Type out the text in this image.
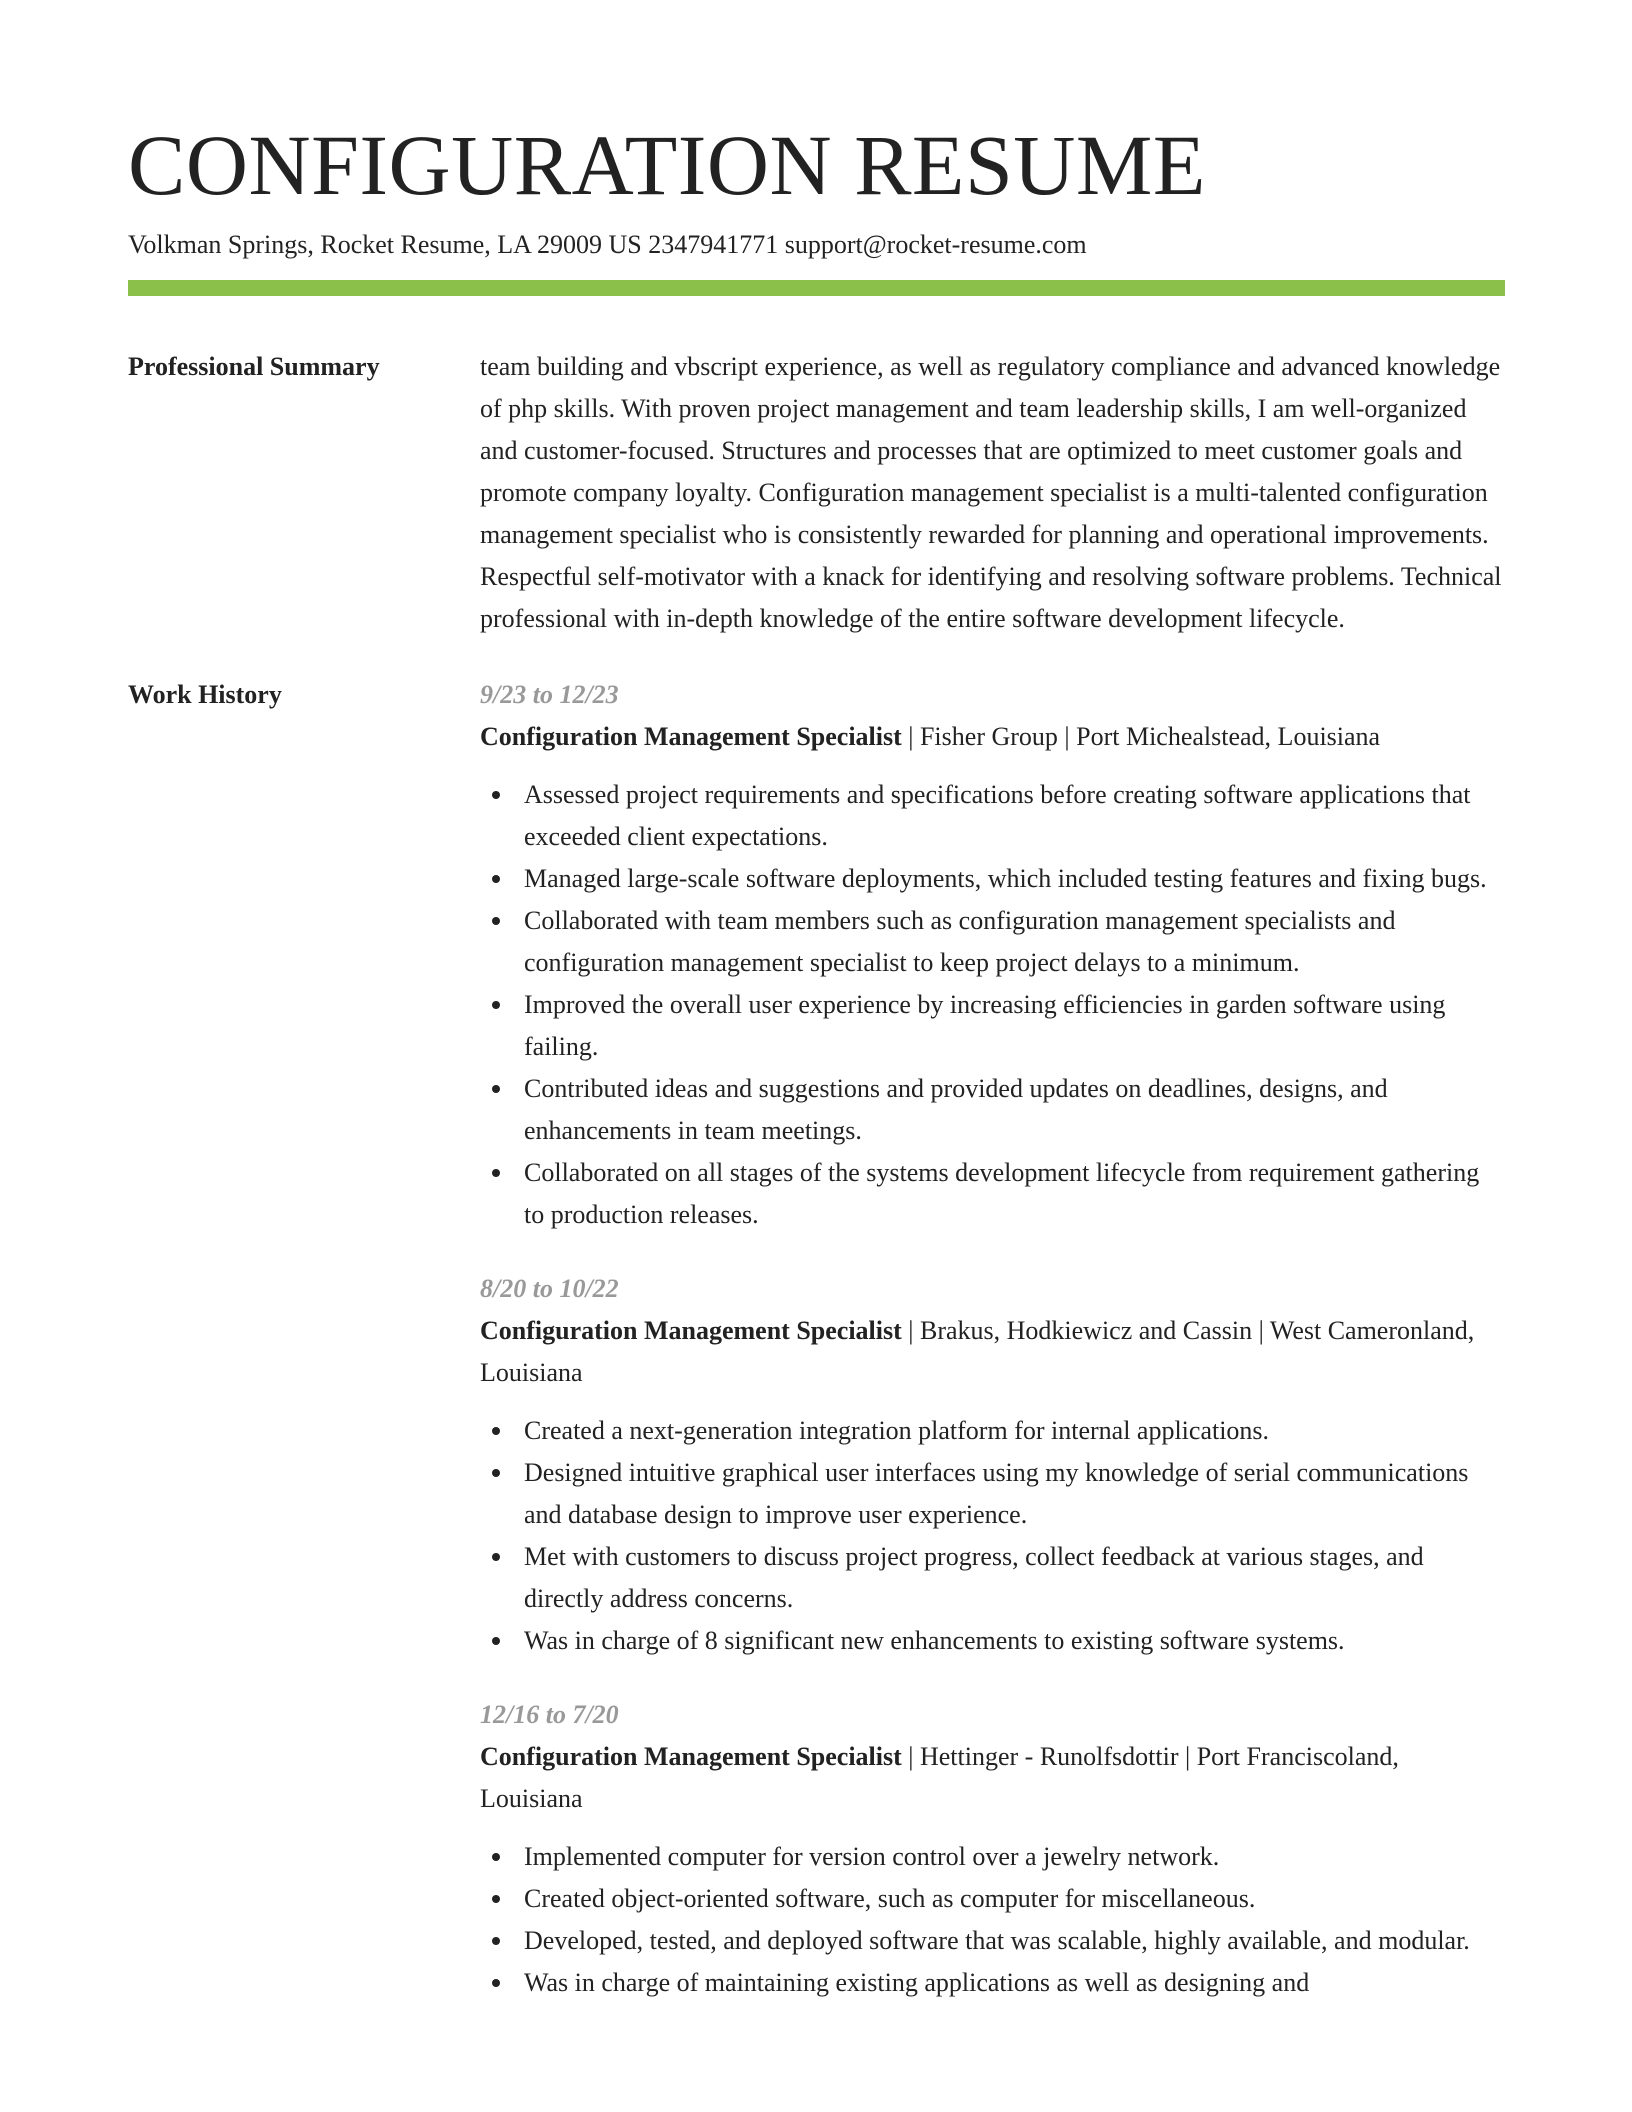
CONFIGURATION RESUME
Volkman Springs, Rocket Resume, LA 29009 US 2347941771 support@rocket-resume.com
Professional Summary	team building and vbscript experience, as well as regulatory compliance and advanced knowledge of php skills. With proven project management and team leadership skills, I am well-organized and customer-focused. Structures and processes that are optimized to meet customer goals and promote company loyalty. Configuration management specialist is a multi-talented configuration management specialist who is consistently rewarded for planning and operational improvements. Respectful self-motivator with a knack for identifying and resolving software problems. Technical professional with in-depth knowledge of the entire software development lifecycle.

Work History	9/23 to 12/23
Configuration Management Specialist | Fisher Group | Port Michealstead, Louisiana
Assessed project requirements and specifications before creating software applications that exceeded client expectations.
Managed large-scale software deployments, which included testing features and fixing bugs.
Collaborated with team members such as configuration management specialists and configuration management specialist to keep project delays to a minimum.
Improved the overall user experience by increasing efficiencies in garden software using failing.
Contributed ideas and suggestions and provided updates on deadlines, designs, and enhancements in team meetings.
Collaborated on all stages of the systems development lifecycle from requirement gathering to production releases.
8/20 to 10/22
Configuration Management Specialist | Brakus, Hodkiewicz and Cassin | West Cameronland, Louisiana
Created a next-generation integration platform for internal applications.
Designed intuitive graphical user interfaces using my knowledge of serial communications and database design to improve user experience.
Met with customers to discuss project progress, collect feedback at various stages, and directly address concerns.
Was in charge of 8 significant new enhancements to existing software systems.
12/16 to 7/20
Configuration Management Specialist | Hettinger - Runolfsdottir | Port Franciscoland, Louisiana
Implemented computer for version control over a jewelry network.
Created object-oriented software, such as computer for miscellaneous.
Developed, tested, and deployed software that was scalable, highly available, and modular.
Was in charge of maintaining existing applications as well as designing and
